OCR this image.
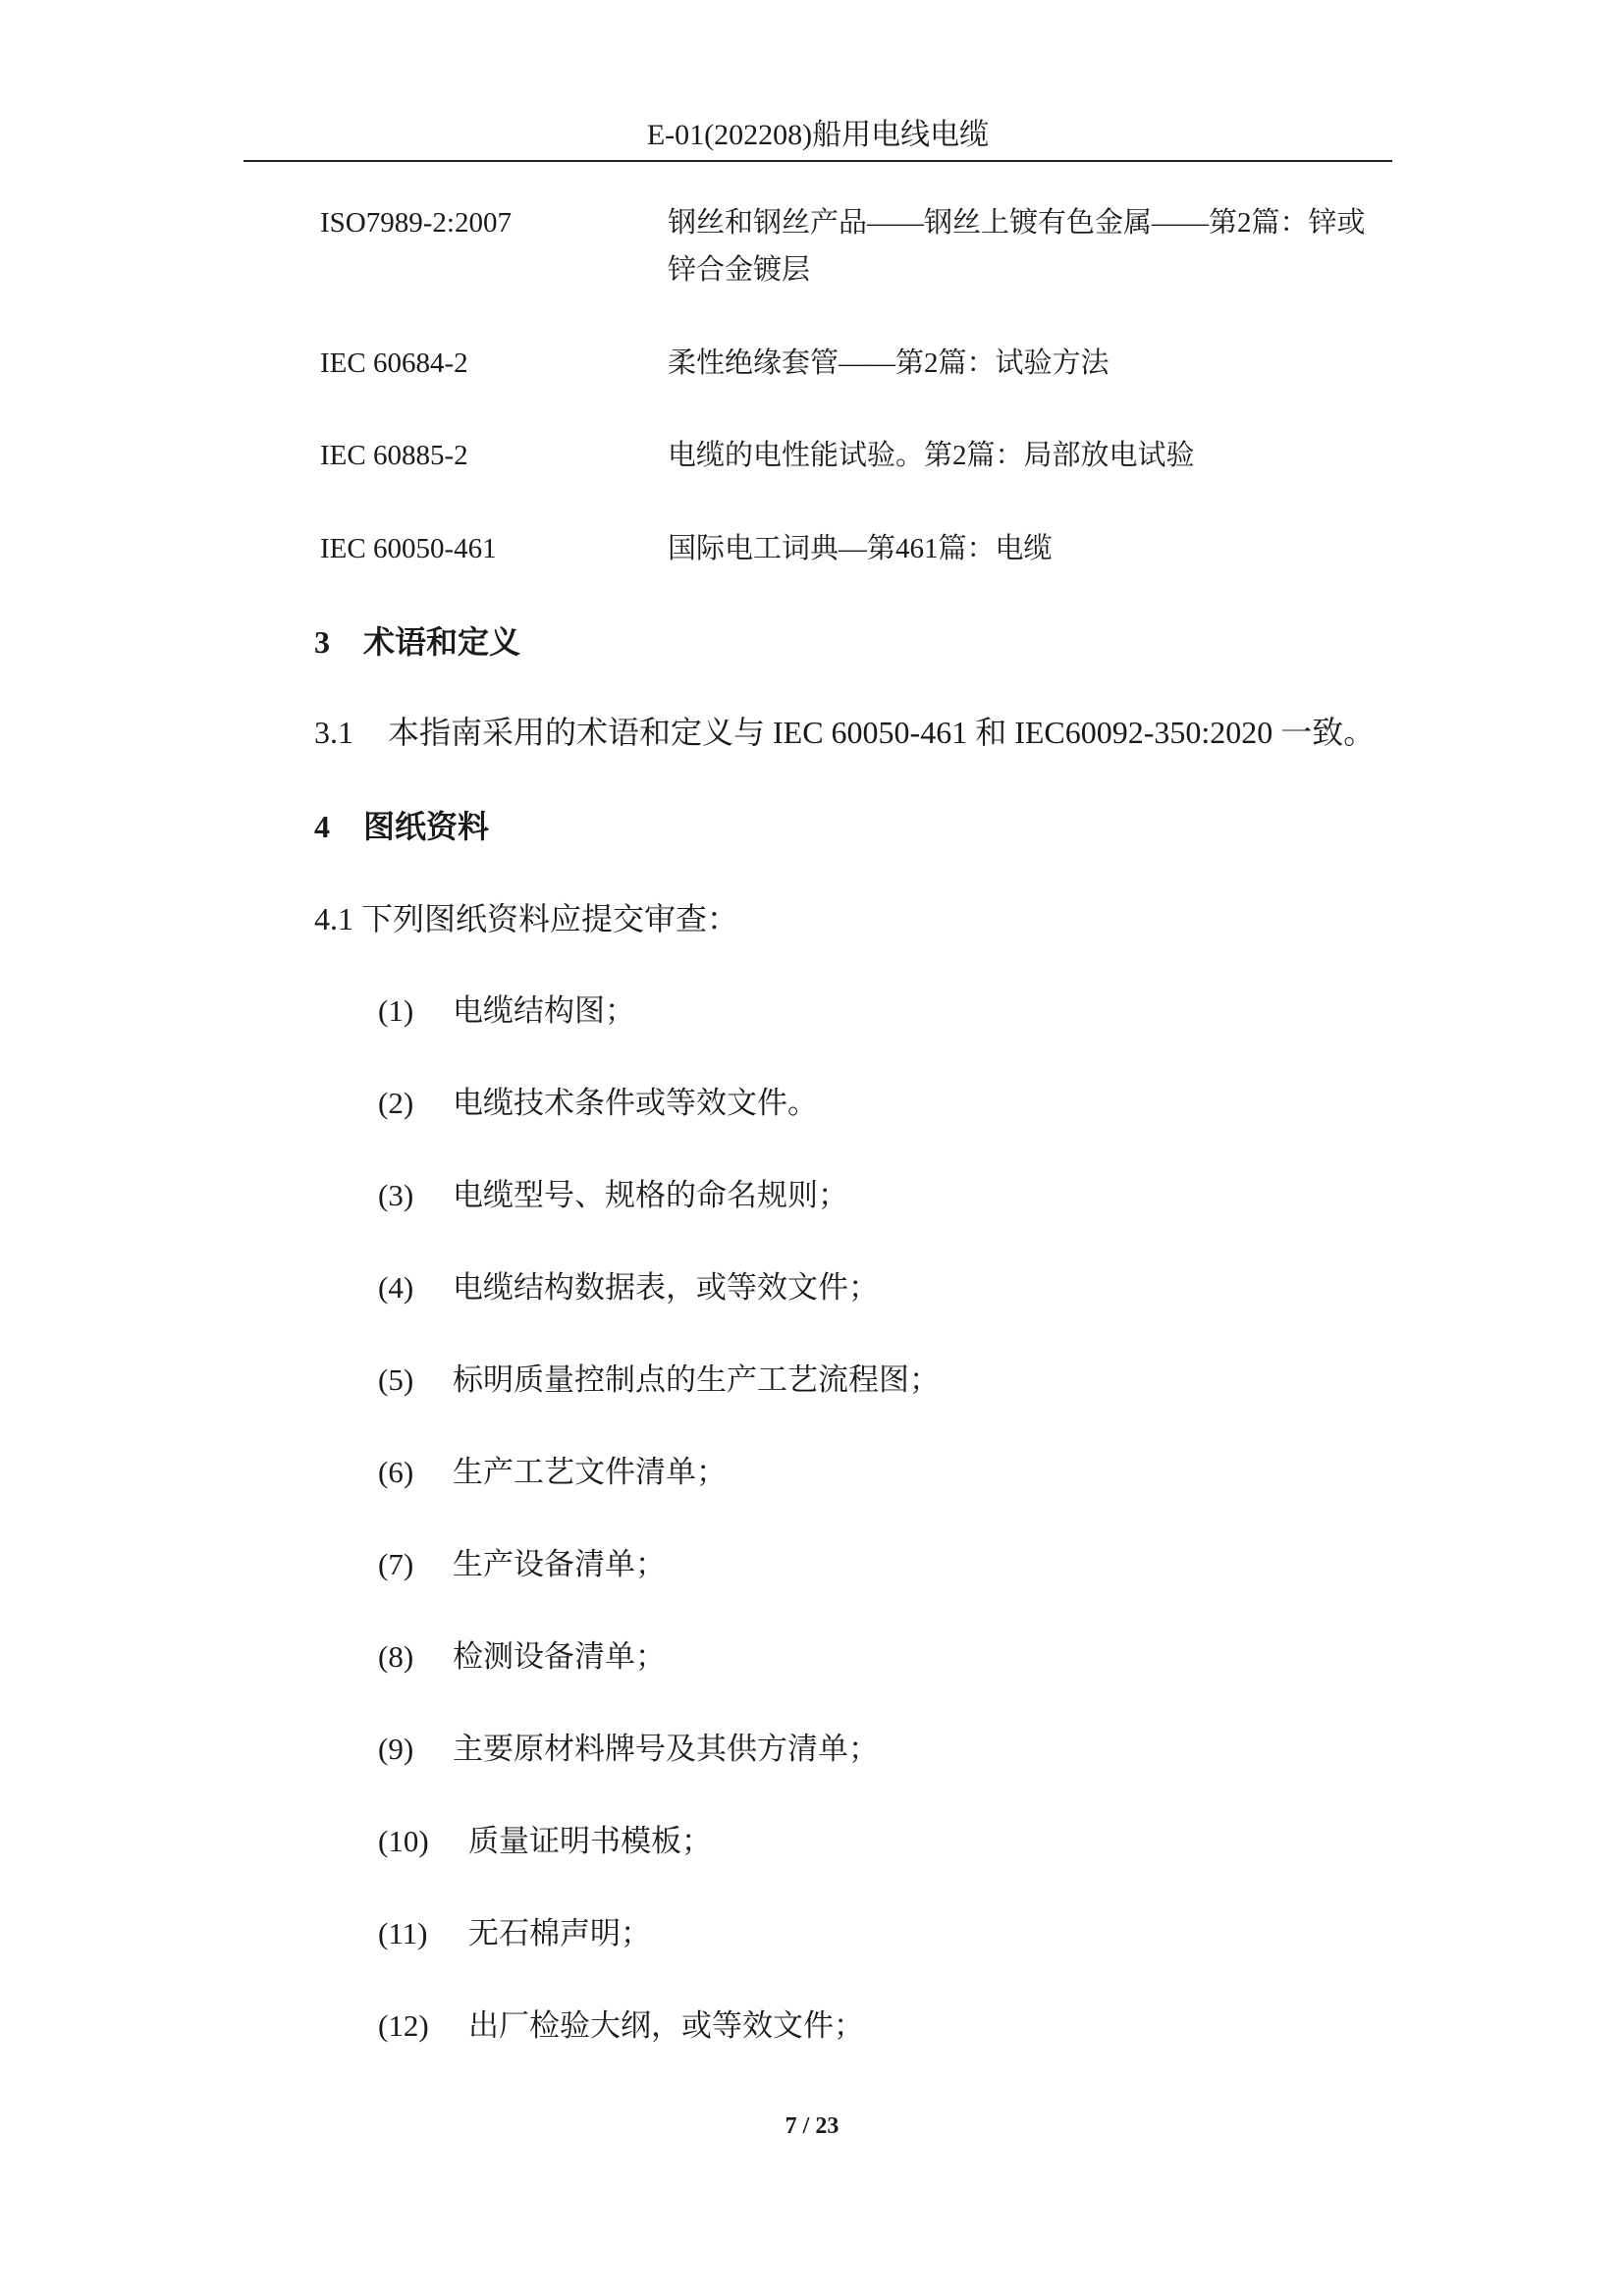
E-01(202208)船用电线电缆
ISO7989-2:2007	钢丝和钢丝产品——钢丝上镀有色金属——第2篇：锌或锌合金镀层
IEC 60684-2	柔性绝缘套管——第2篇：试验方法
IEC 60885-2	电缆的电性能试验。第2篇：局部放电试验
IEC 60050-461	国际电工词典—第461篇：电缆
3 术语和定义
3.1 本指南采用的术语和定义与 IEC 60050-461 和 IEC60092-350:2020 一致。
4 图纸资料
4.1 下列图纸资料应提交审查：
(1) 电缆结构图；
(2) 电缆技术条件或等效文件。
(3) 电缆型号、规格的命名规则；
(4) 电缆结构数据表，或等效文件；
(5) 标明质量控制点的生产工艺流程图；
(6) 生产工艺文件清单；
(7) 生产设备清单；
(8) 检测设备清单；
(9) 主要原材料牌号及其供方清单；
(10) 质量证明书模板；
(11) 无石棉声明；
(12) 出厂检验大纲，或等效文件；
7 / 23
